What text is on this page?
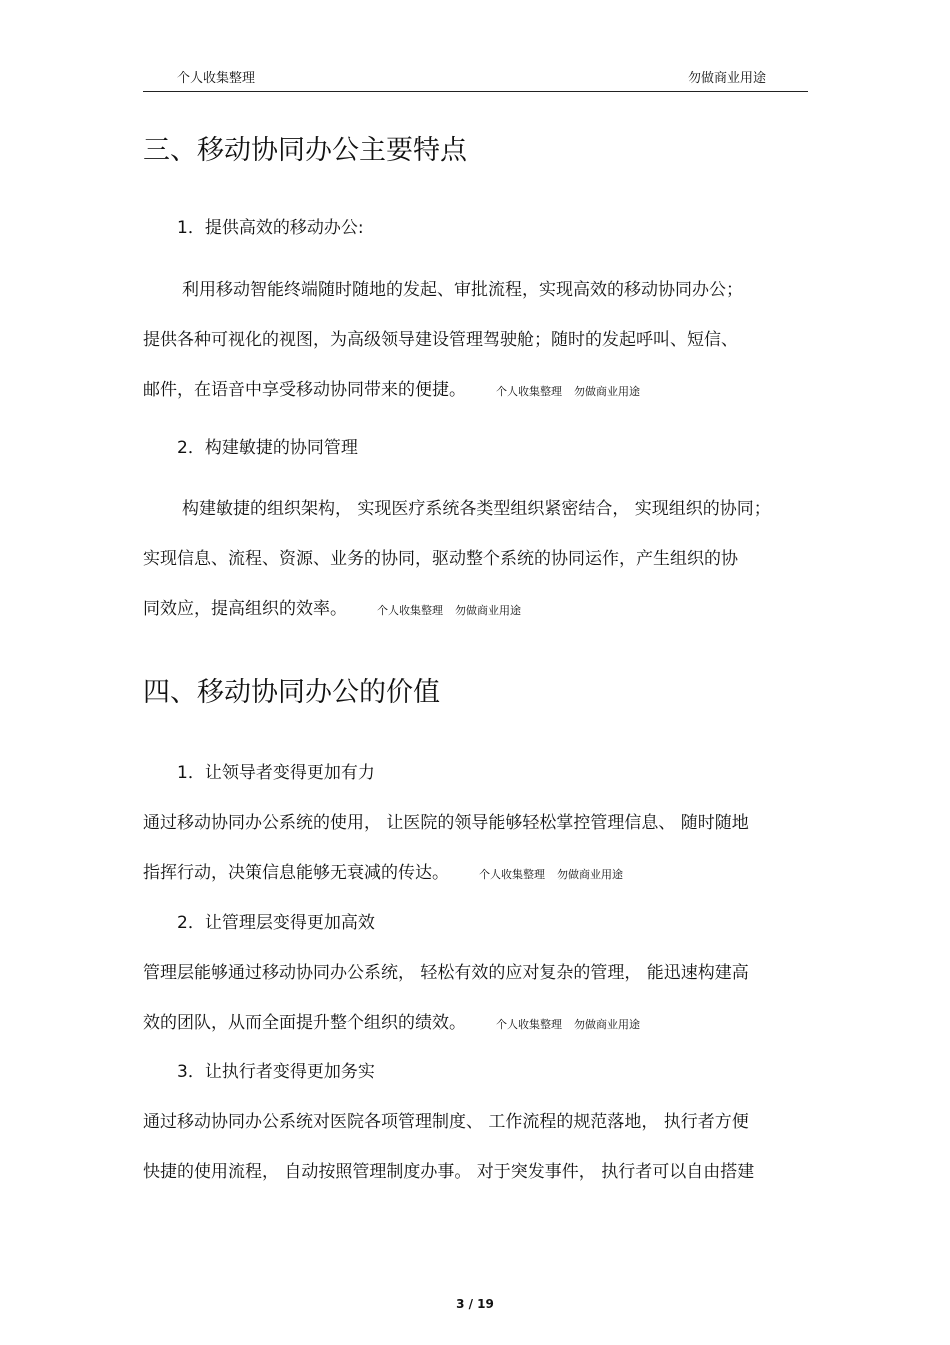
个人收集整理	勿做商业用途
三、移动协同办公主要特点
1．提供高效的移动办公:
利用移动智能终端随时随地的发起、审批流程，实现高效的移动协同办公；
提供各种可视化的视图，为高级领导建设管理驾驶舱；随时的发起呼叫、短信、
邮件，在语音中享受移动协同带来的便捷。	个人收集整理 勿做商业用途
2．构建敏捷的协同管理
构建敏捷的组织架构， 实现医疗系统各类型组织紧密结合， 实现组织的协同；
实现信息、流程、资源、业务的协同，驱动整个系统的协同运作，产生组织的协
同效应，提高组织的效率。	个人收集整理 勿做商业用途
四、移动协同办公的价值
1．让领导者变得更加有力
通过移动协同办公系统的使用， 让医院的领导能够轻松掌控管理信息、 随时随地
指挥行动，决策信息能够无衰减的传达。	个人收集整理 勿做商业用途
2．让管理层变得更加高效
管理层能够通过移动协同办公系统， 轻松有效的应对复杂的管理， 能迅速构建高
效的团队，从而全面提升整个组织的绩效。	个人收集整理 勿做商业用途
3．让执行者变得更加务实
通过移动协同办公系统对医院各项管理制度、 工作流程的规范落地， 执行者方便
快捷的使用流程， 自动按照管理制度办事。 对于突发事件， 执行者可以自由搭建
3 / 19
